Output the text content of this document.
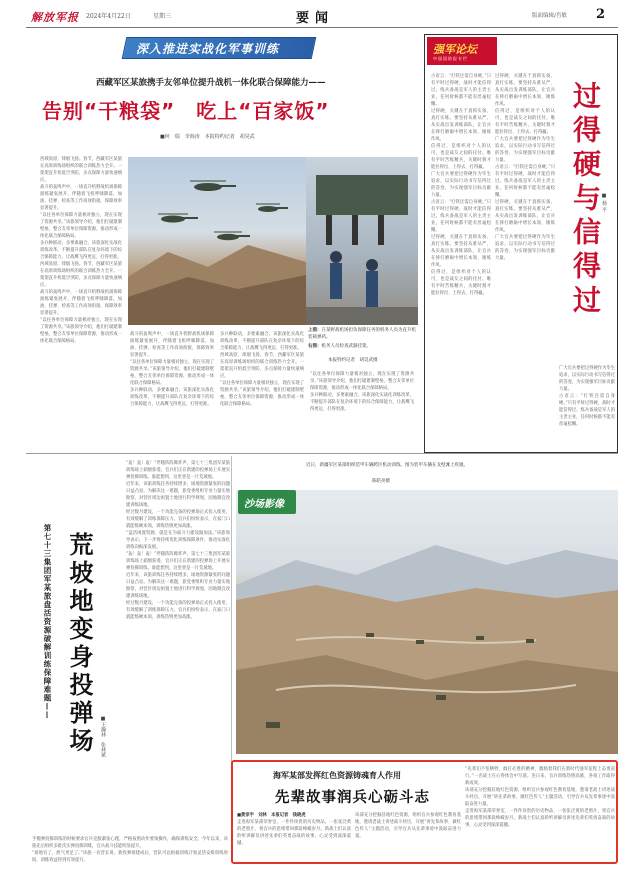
解放军报 2024年4月22日	星期三	要闻	版面编辑/肖敏 2
深入推进实战化军事训练
西藏军区某旅携手友邻单位提升战机一体化联合保障能力——
告别“干粮袋”　吃上“百家饭”
■何　瑞　李海涛　本报特约记者　胡昊武

西域高原，烽烟飞扬。春节，西藏军区某旅在高原训练场组织的联合训练热力全开。一架架直升机低空突防，多点保障力量快速响应。

战斗的轰鸣声中，一场直升机野战机场保障演练紧张展开，伴随着飞机呼啸降落，加油、挂弹、检查等工作高效衔接，保障效率显著提升。

“以往各单位保障力量相对独立，现在实现了资源共享。”该旅领导介绍，他们打破建制壁垒，整合友邻单位保障资源，推动形成一体化联合保障格局。

多兵种联动，多要素融合。该旅深化实战化训练改革，不断提升部队在复杂环境下的综合保障能力，让战鹰飞得更远、打得更准。

西域高原，烽烟飞扬。春节，西藏军区某旅在高原训练场组织的联合训练热力全开。一架架直升机低空突防，多点保障力量快速响应。

战斗的轰鸣声中，一场直升机野战机场保障演练紧张展开，伴随着飞机呼啸降落，加油、挂弹、检查等工作高效衔接，保障效率显著提升。

“以往各单位保障力量相对独立，现在实现了资源共享。”该旅领导介绍，他们打破建制壁垒，整合友邻单位保障资源，推动形成一体化联合保障格局。

上图：在某野战机场担负保障任务的机务人员为直升机装载弹药。
右图：机务人员检查武器挂架。
本报特约记者　胡昊武摄

战斗的轰鸣声中，一场直升机野战机场保障演练紧张展开，伴随着飞机呼啸降落，加油、挂弹、检查等工作高效衔接，保障效率显著提升。

“以往各单位保障力量相对独立，现在实现了资源共享。”该旅领导介绍，他们打破建制壁垒，整合友邻单位保障资源，推动形成一体化联合保障格局。

多兵种联动，多要素融合。该旅深化实战化训练改革，不断提升部队在复杂环境下的综合保障能力，让战鹰飞得更远、打得更准。

多兵种联动，多要素融合。该旅深化实战化训练改革，不断提升部队在复杂环境下的综合保障能力，让战鹰飞得更远、打得更准。

西域高原，烽烟飞扬。春节，西藏军区某旅在高原训练场组织的联合训练热力全开。一架架直升机低空突防，多点保障力量快速响应。

“以往各单位保障力量相对独立，现在实现了资源共享。”该旅领导介绍，他们打破建制壁垒，整合友邻单位保障资源，推动形成一体化联合保障格局。

“以往各单位保障力量相对独立，现在实现了资源共享。”该旅领导介绍，他们打破建制壁垒，整合友邻单位保障资源，推动形成一体化联合保障格局。

多兵种联动，多要素融合。该旅深化实战化训练改革，不断提升部队在复杂环境下的综合保障能力，让战鹰飞得更远、打得更准。

强军论坛
中国国防报专栏

古语云：“打铁还需自身硬。”只有平时过得硬，战时才能信得过。练兵备战是军人的主责主业，任何时候都不能有丝毫松懈。

过得硬，关键在于真抓实备、真打实练。要坚持从难从严、从实战出发训练部队，让官兵在摔打磨砺中增长本领、锤炼作风。

信得过，是组织对个人的认可，也是战友之间的托付。唯有平时苦练精兵，关键时刻才能拉得出、上得去、打得赢。

广大官兵要把过得硬作为毕生追求，以实际行动书写信得过的答卷，为实现强军目标贡献力量。

古语云：“打铁还需自身硬。”只有平时过得硬，战时才能信得过。练兵备战是军人的主责主业，任何时候都不能有丝毫松懈。

过得硬，关键在于真抓实备、真打实练。要坚持从难从严、从实战出发训练部队，让官兵在摔打磨砺中增长本领、锤炼作风。

信得过，是组织对个人的认可，也是战友之间的托付。唯有平时苦练精兵，关键时刻才能拉得出、上得去、打得赢。

过得硬，关键在于真抓实备、真打实练。要坚持从难从严、从实战出发训练部队，让官兵在摔打磨砺中增长本领、锤炼作风。

信得过，是组织对个人的认可，也是战友之间的托付。唯有平时苦练精兵，关键时刻才能拉得出、上得去、打得赢。

广大官兵要把过得硬作为毕生追求，以实际行动书写信得过的答卷，为实现强军目标贡献力量。

古语云：“打铁还需自身硬。”只有平时过得硬，战时才能信得过。练兵备战是军人的主责主业，任何时候都不能有丝毫松懈。

过得硬，关键在于真抓实备、真打实练。要坚持从难从严、从实战出发训练部队，让官兵在摔打磨砺中增长本领、锤炼作风。

广大官兵要把过得硬作为毕生追求，以实际行动书写信得过的答卷，为实现强军目标贡献力量。	过得硬与信得过 ■ 杨 平

广大官兵要把过得硬作为毕生追求，以实际行动书写信得过的答卷，为实现强军目标贡献力量。

古语云：“打铁还需自身硬。”只有平时过得硬，战时才能信得过。练兵备战是军人的主责主业，任何时候都不能有丝毫松懈。

第七十三集团军某旅盘活资源破解训练保障难题—— 荒坡地变身投弹场	■王瀚林　张林斌

“轰！轰！轰！”伴随阵阵爆炸声，第七十三集团军某旅训练场上硝烟弥漫，官兵们正在新建的投弹场上开展实弹投掷训练。谁能想到，这里曾是一片荒坡地。

近年来，该旅训练任务持续增多，场地资源紧张的问题日益凸显。为解决这一难题，旅党委组织专业力量实地勘察，对营区周边闲置土地进行科学规划，因地制宜改建训练场地。

经过数月建设，一个功能完备的投弹场正式投入使用，有效缓解了训练保障压力。官兵们纷纷表示，在家门口就能练硬本领，训练热情更加高涨。

“盘活闲置资源，就是在为战斗力建设做加法。”该旅领导表示，下一步将持续优化训练保障条件，推动实战化训练向纵深发展。

“轰！轰！轰！”伴随阵阵爆炸声，第七十三集团军某旅训练场上硝烟弥漫，官兵们正在新建的投弹场上开展实弹投掷训练。谁能想到，这里曾是一片荒坡地。

近年来，该旅训练任务持续增多，场地资源紧张的问题日益凸显。为解决这一难题，旅党委组织专业力量实地勘察，对营区周边闲置土地进行科学规划，因地制宜改建训练场地。

经过数月建设，一个功能完备的投弹场正式投入使用，有效缓解了训练保障压力。官兵们纷纷表示，在家门口就能练硬本领，训练热情更加高涨。

近日，新疆军区某部组织装甲车辆跨区机动训练。图为装甲车辆在戈壁滩上疾驰。
陈皓亮摄
沙场影像
海军某部发挥红色资源铸魂育人作用
先辈故事润兵心砺斗志

■黄家宇　刘林　本报记者　钱晓虎

走进海军某部荣誉室，一件件珍贵的历史物品、一张张泛黄的老照片，将官兵的思绪带回那段峥嵘岁月。新战士们认真聆听讲解员讲述先辈们英勇奋战的故事，心灵受到深深震撼。

该部充分挖掘驻地红色资源，组织官兵参观红色教育基地，邀请老战士讲述战斗经历，开展“讲先辈故事、做红色传人”主题活动，引导官兵从先辈事迹中汲取奋进力量。

“先辈们不怕牺牲、敢打必胜的精神，激励着我们在新时代强军征程上奋勇前行。”一名战士在心得体会中写道。连日来，官兵训练热情高涨，各项工作取得新成效。

该部充分挖掘驻地红色资源，组织官兵参观红色教育基地，邀请老战士讲述战斗经历，开展“讲先辈故事、做红色传人”主题活动，引导官兵从先辈事迹中汲取奋进力量。

走进海军某部荣誉室，一件件珍贵的历史物品、一张张泛黄的老照片，将官兵的思绪带回那段峥嵘岁月。新战士们认真聆听讲解员讲述先辈们英勇奋战的故事，心灵受到深深震撼。

手榴弹投掷训练的时候要求官兵克服紧张心理，严格按照动作要领操作，确保训练安全。今年以来，该旅先后组织多批次实弹投掷训练，官兵战斗技能明显提升。

“场地有了，底气更足了。”该旅一名营长说，新投弹场建成后，营队可以根据训练计划灵活安排训练时间，训练效益得到有效提升。
